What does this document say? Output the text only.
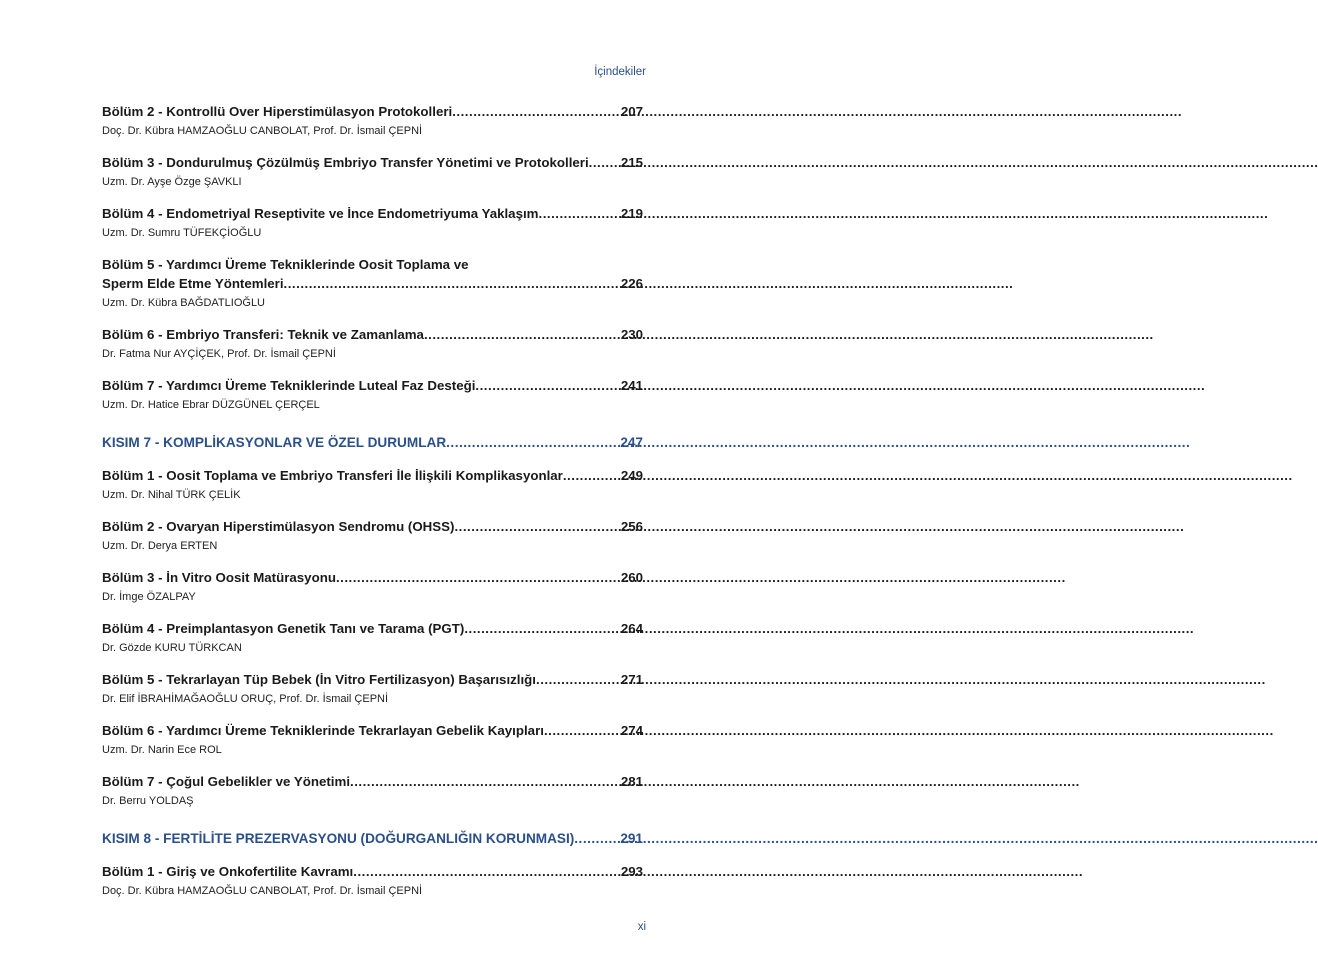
İçindekiler
Bölüm 2 - Kontrollü Over Hiperstimülasyon Protokolleri .....	207
Doç. Dr. Kübra HAMZAOĞLU CANBOLAT, Prof. Dr. İsmail ÇEPNİ
Bölüm 3 - Dondurulmuş Çözülmüş Embriyo Transfer Yönetimi ve Protokolleri ..... 215
Uzm. Dr. Ayşe Özge ŞAVKLI
Bölüm 4 - Endometriyal Reseptivite ve İnce Endometriyuma Yaklaşım .....	219
Uzm. Dr. Sumru TÜFEKÇİOĞLU
Bölüm 5 - Yardımcı Üreme Tekniklerinde Oosit Toplama ve
Sperm Elde Etme Yöntemleri .....	226
Uzm. Dr. Kübra BAĞDATLIOĞLU
Bölüm 6 - Embriyo Transferi: Teknik ve Zamanlama .....	230
Dr. Fatma Nur AYÇİÇEK, Prof. Dr. İsmail ÇEPNİ
Bölüm 7 - Yardımcı Üreme Tekniklerinde Luteal Faz Desteği .....	241
Uzm. Dr. Hatice Ebrar DÜZGÜNEL ÇERÇEL
KISIM 7 - KOMPLİKASYONLAR VE ÖZEL DURUMLAR .....	247
Bölüm 1 - Oosit Toplama ve Embriyo Transferi İle İlişkili Komplikasyonlar .....	249
Uzm. Dr. Nihal TÜRK ÇELİK
Bölüm 2 - Ovaryan Hiperstimülasyon Sendromu (OHSS) .....	256
Uzm. Dr. Derya ERTEN
Bölüm 3 - İn Vitro Oosit Matürasyonu .....	260
Dr. İmge ÖZALPAY
Bölüm 4 - Preimplantasyon Genetik Tanı ve Tarama (PGT) .....	264
Dr. Gözde KURU TÜRKCAN
Bölüm 5 - Tekrarlayan Tüp Bebek (İn Vitro Fertilizasyon) Başarısızlığı .....	271
Dr. Elif İBRAHİMAĞAOĞLU ORUÇ, Prof. Dr. İsmail ÇEPNİ
Bölüm 6 - Yardımcı Üreme Tekniklerinde Tekrarlayan Gebelik Kayıpları .....	274
Uzm. Dr. Narin Ece ROL
Bölüm 7 - Çoğul Gebelikler ve Yönetimi .....	281
Dr. Berru YOLDAŞ
KISIM 8 - FERTİLİTE PREZERVASYONU (DOĞURGANLIĞIN KORUNMASI) .....	291
Bölüm 1 - Giriş ve Onkofertilite Kavramı .....	293
Doç. Dr. Kübra HAMZAOĞLU CANBOLAT, Prof. Dr. İsmail ÇEPNİ
xi
